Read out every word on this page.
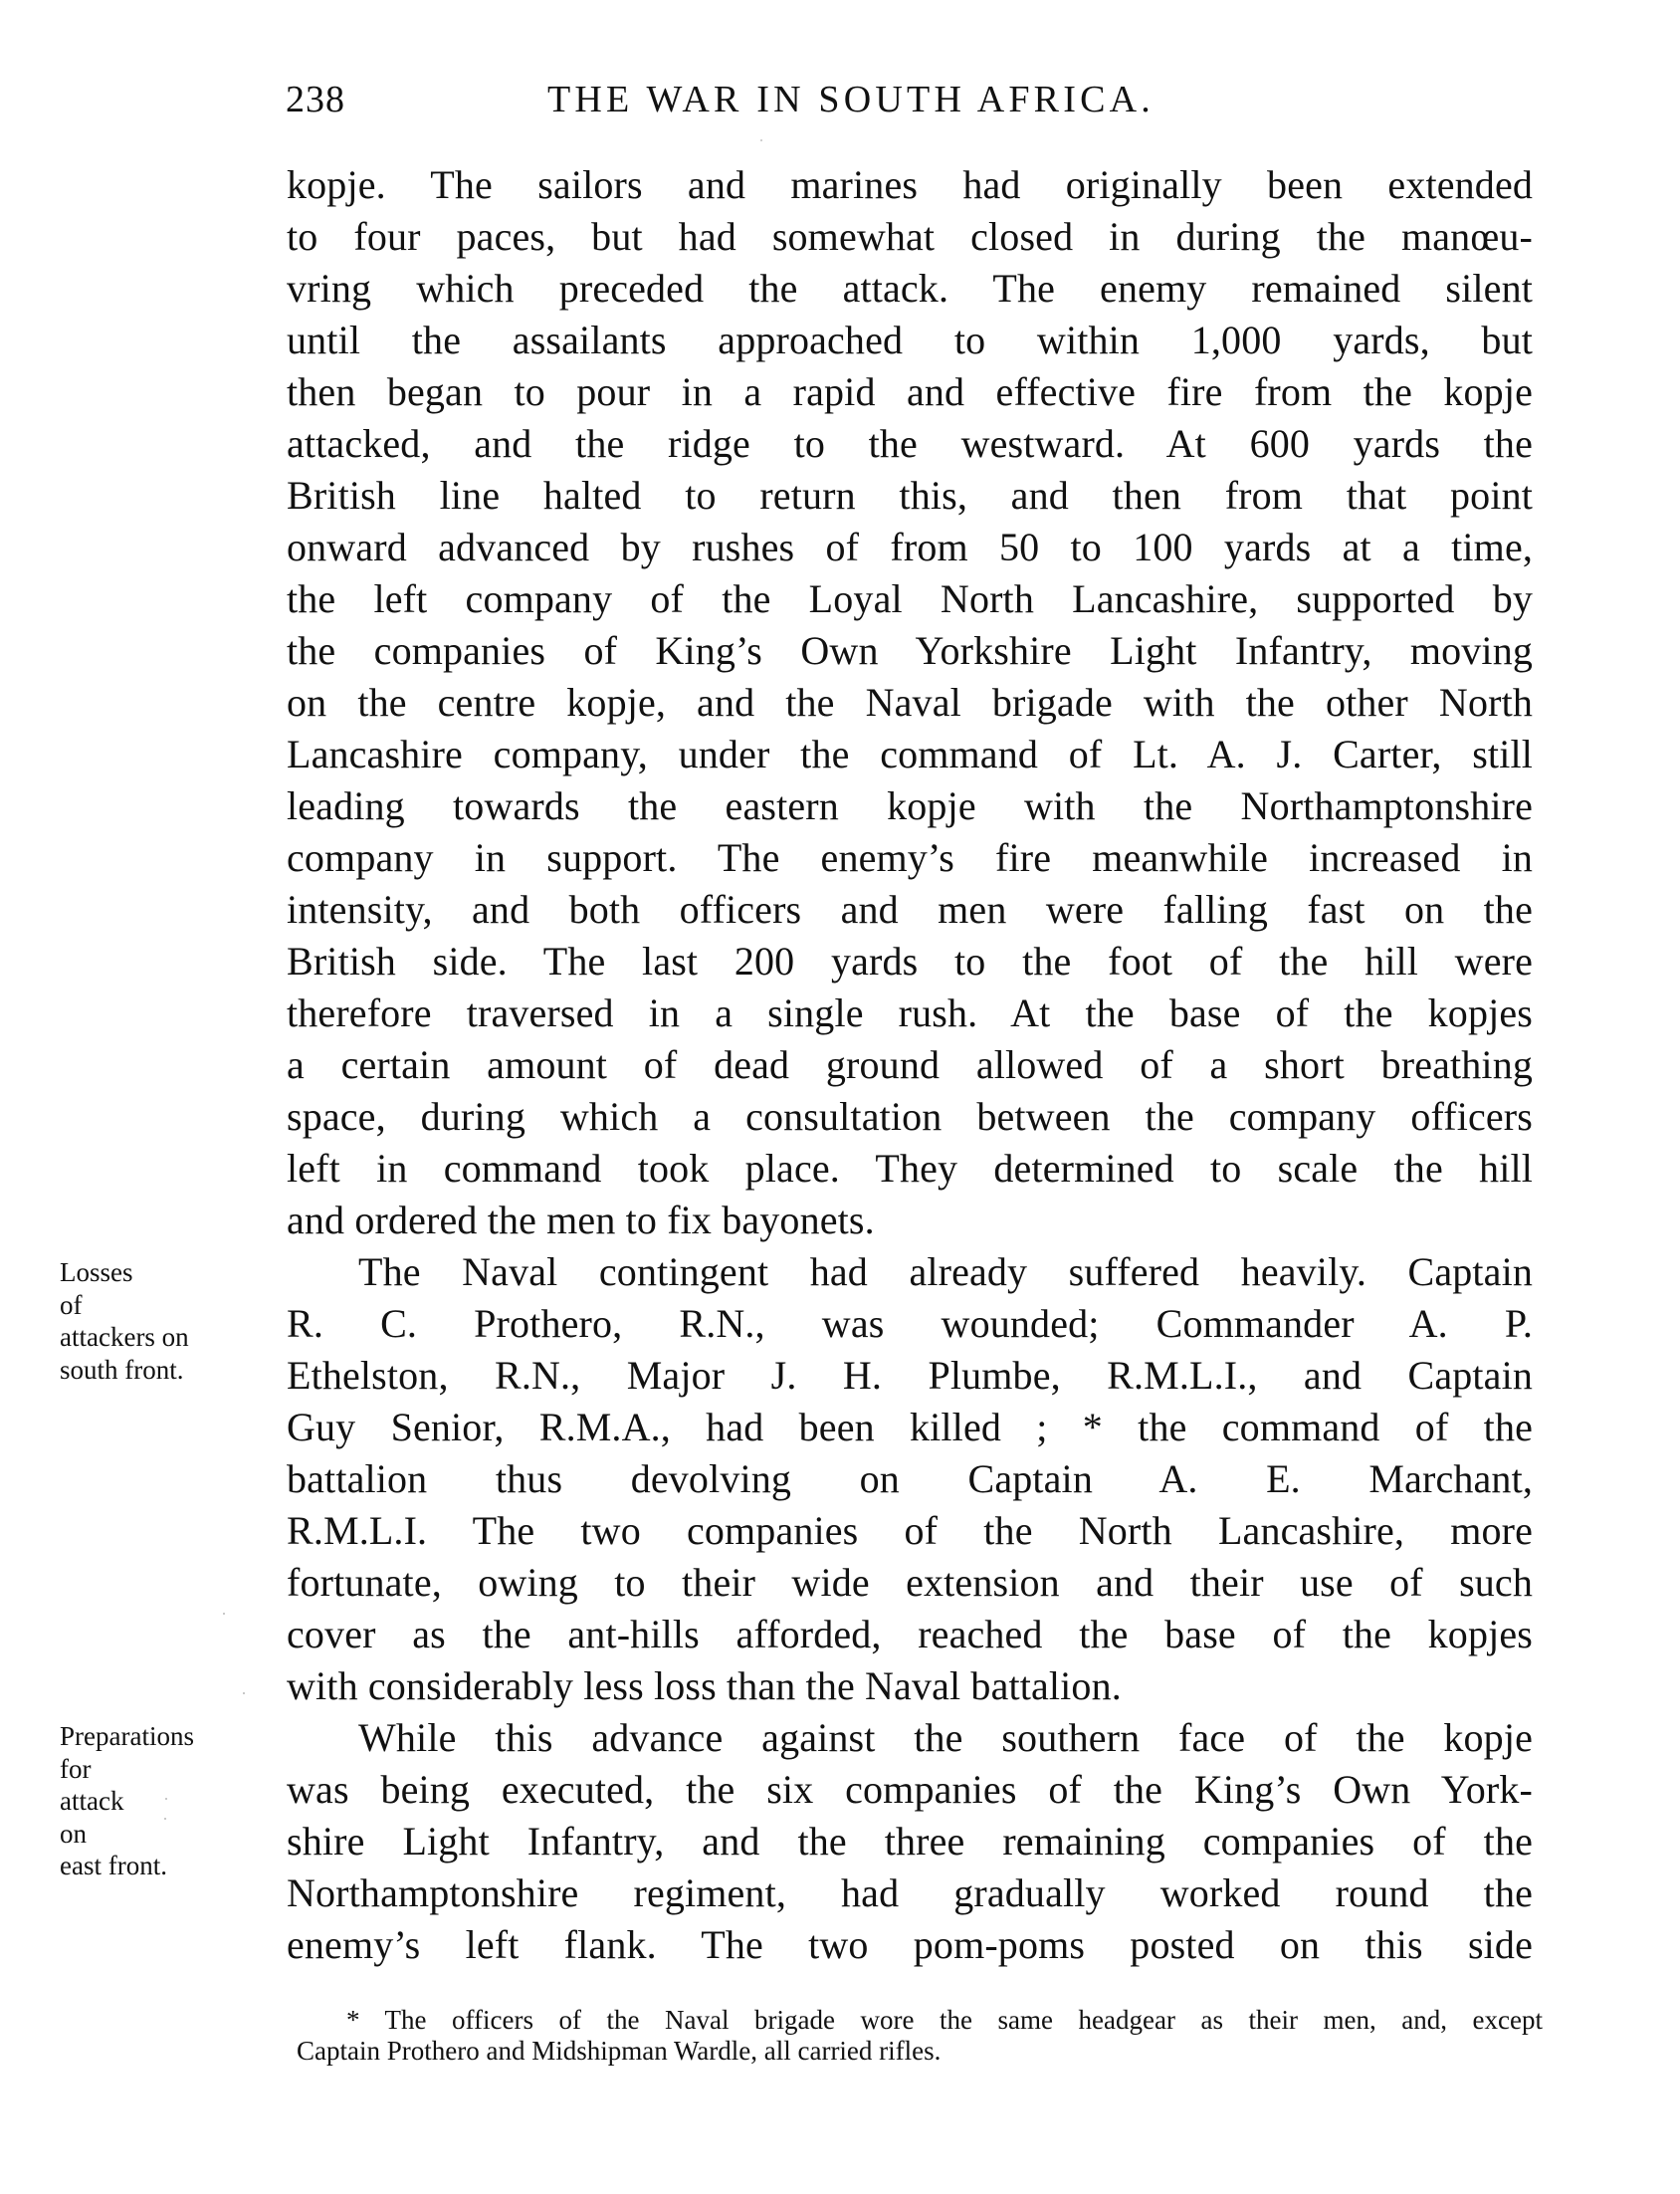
238	THE WAR IN SOUTH AFRICA.
kopje. The sailors and marines had originally been extended
to four paces, but had somewhat closed in during the manœu-
vring which preceded the attack. The enemy remained silent
until the assailants approached to within 1,000 yards, but
then began to pour in a rapid and effective fire from the kopje
attacked, and the ridge to the westward. At 600 yards the
British line halted to return this, and then from that point
onward advanced by rushes of from 50 to 100 yards at a time,
the left company of the Loyal North Lancashire, supported by
the companies of King’s Own Yorkshire Light Infantry, moving
on the centre kopje, and the Naval brigade with the other North
Lancashire company, under the command of Lt. A. J. Carter, still
leading towards the eastern kopje with the Northamptonshire
company in support. The enemy’s fire meanwhile increased in
intensity, and both officers and men were falling fast on the
British side. The last 200 yards to the foot of the hill were
therefore traversed in a single rush. At the base of the kopjes
a certain amount of dead ground allowed of a short breathing
space, during which a consultation between the company officers
left in command took place. They determined to scale the hill
and ordered the men to fix bayonets.
The Naval contingent had already suffered heavily. Captain
R. C. Prothero, R.N., was wounded; Commander A. P.
Ethelston, R.N., Major J. H. Plumbe, R.M.L.I., and Captain
Guy Senior, R.M.A., had been killed ; * the command of the
battalion thus devolving on Captain A. E. Marchant,
R.M.L.I. The two companies of the North Lancashire, more
fortunate, owing to their wide extension and their use of such
cover as the ant-hills afforded, reached the base of the kopjes
with considerably less loss than the Naval battalion.
While this advance against the southern face of the kopje
was being executed, the six companies of the King’s Own York-
shire Light Infantry, and the three remaining companies of the
Northamptonshire regiment, had gradually worked round the
enemy’s left flank. The two pom-poms posted on this side
Losses
of
attackers on
south front.
Preparations
for
attack
on
east front.
* The officers of the Naval brigade wore the same headgear as their men, and, except
Captain Prothero and Midshipman Wardle, all carried rifles.
